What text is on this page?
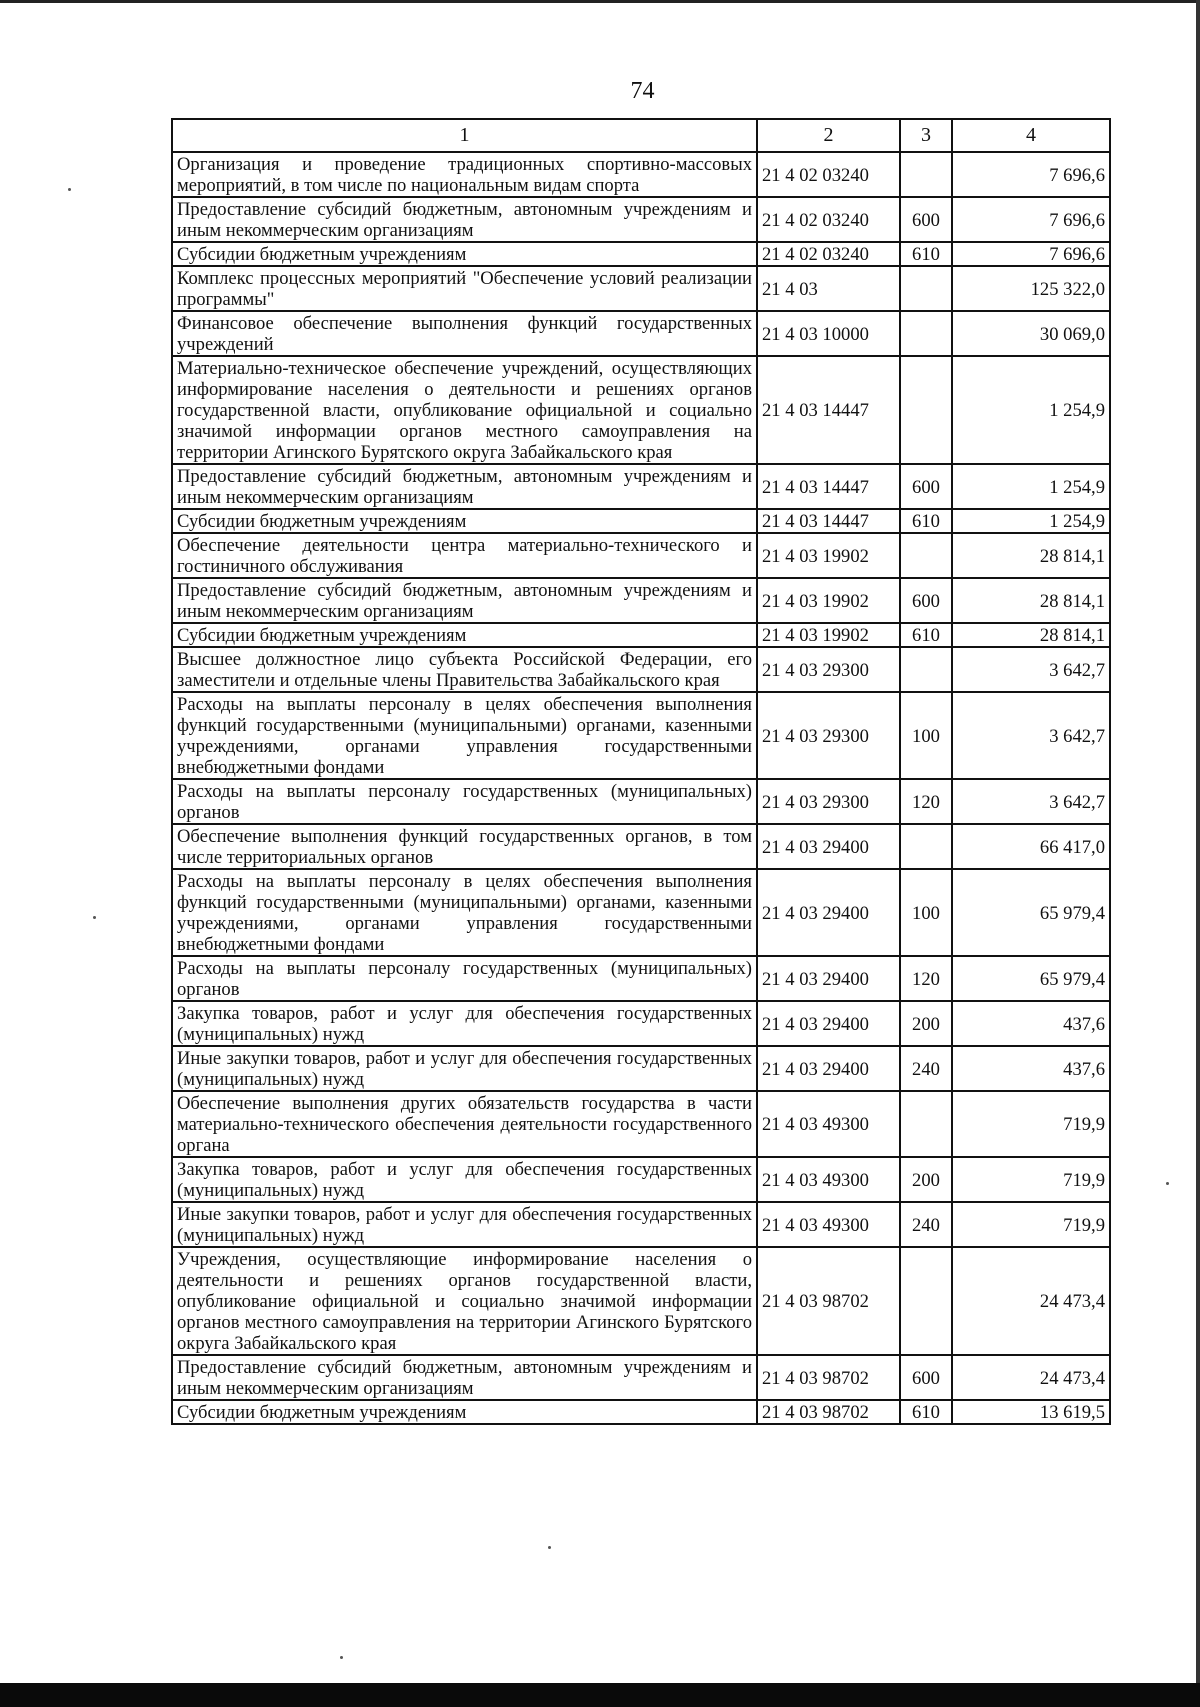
74
1	2	3	4
Организация и проведение традиционных спортивно-массовых мероприятий, в том числе по национальным видам спорта	21 4 02 03240		7 696,6
Предоставление субсидий бюджетным, автономным учреждениям и иным некоммерческим организациям	21 4 02 03240	600	7 696,6
Субсидии бюджетным учреждениям	21 4 02 03240	610	7 696,6
Комплекс процессных мероприятий "Обеспечение условий реализации программы"	21 4 03		125 322,0
Финансовое обеспечение выполнения функций государственных учреждений	21 4 03 10000		30 069,0
Материально-техническое обеспечение учреждений, осуществляющих информирование населения о деятельности и решениях органов государственной власти, опубликование официальной и социально значимой информации органов местного самоуправления на территории Агинского Бурятского округа Забайкальского края	21 4 03 14447		1 254,9
Предоставление субсидий бюджетным, автономным учреждениям и иным некоммерческим организациям	21 4 03 14447	600	1 254,9
Субсидии бюджетным учреждениям	21 4 03 14447	610	1 254,9
Обеспечение деятельности центра материально-технического и гостиничного обслуживания	21 4 03 19902		28 814,1
Предоставление субсидий бюджетным, автономным учреждениям и иным некоммерческим организациям	21 4 03 19902	600	28 814,1
Субсидии бюджетным учреждениям	21 4 03 19902	610	28 814,1
Высшее должностное лицо субъекта Российской Федерации, его заместители и отдельные члены Правительства Забайкальского края	21 4 03 29300		3 642,7
Расходы на выплаты персоналу в целях обеспечения выполнения функций государственными (муниципальными) органами, казенными учреждениями, органами управления государственными внебюджетными фондами	21 4 03 29300	100	3 642,7
Расходы на выплаты персоналу государственных (муниципальных) органов	21 4 03 29300	120	3 642,7
Обеспечение выполнения функций государственных органов, в том числе территориальных органов	21 4 03 29400		66 417,0
Расходы на выплаты персоналу в целях обеспечения выполнения функций государственными (муниципальными) органами, казенными учреждениями, органами управления государственными внебюджетными фондами	21 4 03 29400	100	65 979,4
Расходы на выплаты персоналу государственных (муниципальных) органов	21 4 03 29400	120	65 979,4
Закупка товаров, работ и услуг для обеспечения государственных (муниципальных) нужд	21 4 03 29400	200	437,6
Иные закупки товаров, работ и услуг для обеспечения государственных (муниципальных) нужд	21 4 03 29400	240	437,6
Обеспечение выполнения других обязательств государства в части материально-технического обеспечения деятельности государственного органа	21 4 03 49300		719,9
Закупка товаров, работ и услуг для обеспечения государственных (муниципальных) нужд	21 4 03 49300	200	719,9
Иные закупки товаров, работ и услуг для обеспечения государственных (муниципальных) нужд	21 4 03 49300	240	719,9
Учреждения, осуществляющие информирование населения о деятельности и решениях органов государственной власти, опубликование официальной и социально значимой информации органов местного самоуправления на территории Агинского Бурятского округа Забайкальского края	21 4 03 98702		24 473,4
Предоставление субсидий бюджетным, автономным учреждениям и иным некоммерческим организациям	21 4 03 98702	600	24 473,4
Субсидии бюджетным учреждениям	21 4 03 98702	610	13 619,5
